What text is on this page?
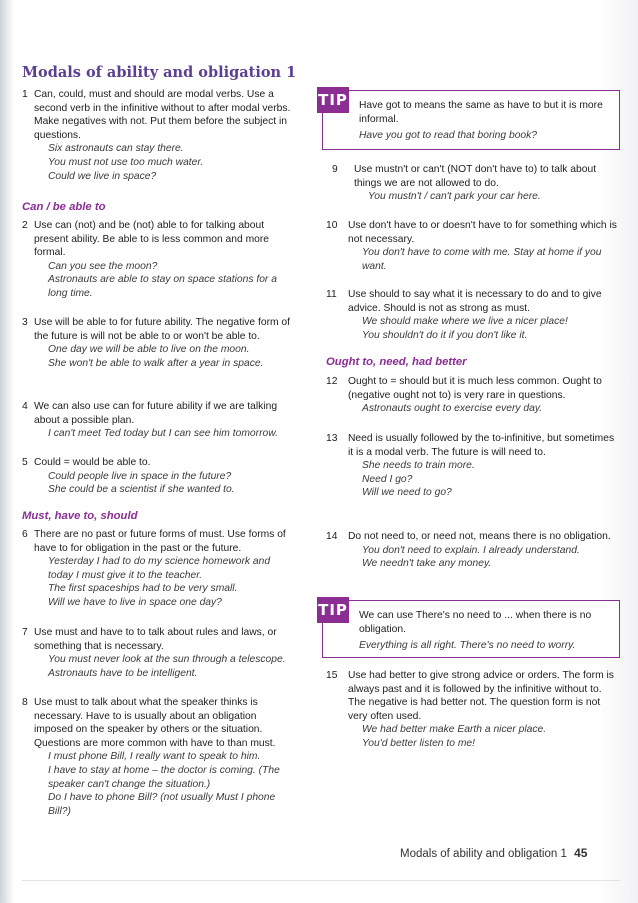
Modals of ability and obligation 1
1 Can, could, must and should are modal verbs. Use a second verb in the infinitive without to after modal verbs. Make negatives with not. Put them before the subject in questions.
Six astronauts can stay there.
You must not use too much water.
Could we live in space?
Can / be able to
2 Use can (not) and be (not) able to for talking about present ability. Be able to is less common and more formal.
Can you see the moon?
Astronauts are able to stay on space stations for a long time.
3 Use will be able to for future ability. The negative form of the future is will not be able to or won't be able to.
One day we will be able to live on the moon.
She won't be able to walk after a year in space.
4 We can also use can for future ability if we are talking about a possible plan.
I can't meet Ted today but I can see him tomorrow.
5 Could = would be able to.
Could people live in space in the future?
She could be a scientist if she wanted to.
Must, have to, should
6 There are no past or future forms of must. Use forms of have to for obligation in the past or the future.
Yesterday I had to do my science homework and today I must give it to the teacher.
The first spaceships had to be very small.
Will we have to live in space one day?
7 Use must and have to to talk about rules and laws, or something that is necessary.
You must never look at the sun through a telescope.
Astronauts have to be intelligent.
8 Use must to talk about what the speaker thinks is necessary. Have to is usually about an obligation imposed on the speaker by others or the situation. Questions are more common with have to than must.
I must phone Bill, I really want to speak to him.
I have to stay at home – the doctor is coming. (The speaker can't change the situation.)
Do I have to phone Bill? (not usually Must I phone Bill?)
TIP Have got to means the same as have to but it is more informal.
Have you got to read that boring book?
9 Use mustn't or can't (NOT don't have to) to talk about things we are not allowed to do.
You mustn't / can't park your car here.
10 Use don't have to or doesn't have to for something which is not necessary.
You don't have to come with me. Stay at home if you want.
11 Use should to say what it is necessary to do and to give advice. Should is not as strong as must.
We should make where we live a nicer place!
You shouldn't do it if you don't like it.
Ought to, need, had better
12 Ought to = should but it is much less common. Ought to (negative ought not to) is very rare in questions.
Astronauts ought to exercise every day.
13 Need is usually followed by the to-infinitive, but sometimes it is a modal verb. The future is will need to.
She needs to train more.
Need I go?
Will we need to go?
14 Do not need to, or need not, means there is no obligation.
You don't need to explain. I already understand.
We needn't take any money.
TIP We can use There's no need to ... when there is no obligation.
Everything is all right. There's no need to worry.
15 Use had better to give strong advice or orders. The form is always past and it is followed by the infinitive without to. The negative is had better not. The question form is not very often used.
We had better make Earth a nicer place.
You'd better listen to me!
Modals of ability and obligation 1 45
